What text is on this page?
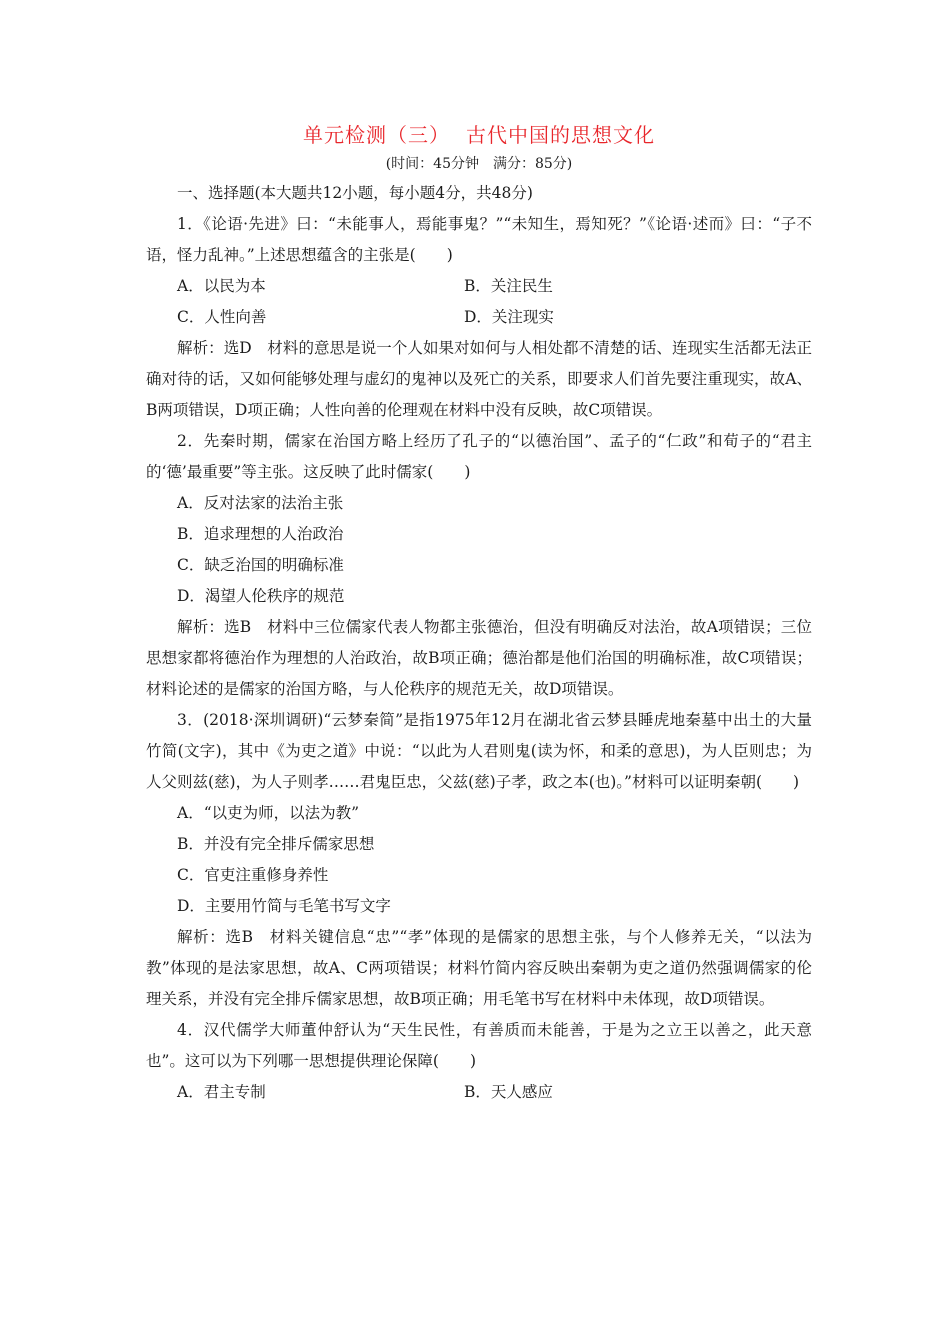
单元检测（三） 古代中国的思想文化
(时间：45分钟　满分：85分)
一、选择题(本大题共12小题，每小题4分，共48分)
1．《论语·先进》曰：“未能事人，焉能事鬼？”“未知生，焉知死？”《论语·述而》曰：“子不语，怪力乱神。”上述思想蕴含的主张是(　　)
A．以民为本	B．关注民生
C．人性向善	D．关注现实
解析：选D　材料的意思是说一个人如果对如何与人相处都不清楚的话、连现实生活都无法正确对待的话，又如何能够处理与虚幻的鬼神以及死亡的关系，即要求人们首先要注重现实，故A、B两项错误，D项正确；人性向善的伦理观在材料中没有反映，故C项错误。
2．先秦时期，儒家在治国方略上经历了孔子的“以德治国”、孟子的“仁政”和荀子的“君主的‘德’最重要”等主张。这反映了此时儒家(　　)
A．反对法家的法治主张
B．追求理想的人治政治
C．缺乏治国的明确标准
D．渴望人伦秩序的规范
解析：选B　材料中三位儒家代表人物都主张德治，但没有明确反对法治，故A项错误；三位思想家都将德治作为理想的人治政治，故B项正确；德治都是他们治国的明确标准，故C项错误；材料论述的是儒家的治国方略，与人伦秩序的规范无关，故D项错误。
3．(2018·深圳调研)“云梦秦简”是指1975年12月在湖北省云梦县睡虎地秦墓中出土的大量竹简(文字)，其中《为吏之道》中说：“以此为人君则鬼(读为怀，和柔的意思)，为人臣则忠；为人父则兹(慈)，为人子则孝……君鬼臣忠，父兹(慈)子孝，政之本(也)。”材料可以证明秦朝(　　)
A．“以吏为师，以法为教”
B．并没有完全排斥儒家思想
C．官吏注重修身养性
D．主要用竹简与毛笔书写文字
解析：选B　材料关键信息“忠”“孝”体现的是儒家的思想主张，与个人修养无关，“以法为教”体现的是法家思想，故A、C两项错误；材料竹简内容反映出秦朝为吏之道仍然强调儒家的伦理关系，并没有完全排斥儒家思想，故B项正确；用毛笔书写在材料中未体现，故D项错误。
4．汉代儒学大师董仲舒认为“天生民性，有善质而未能善，于是为之立王以善之，此天意也”。这可以为下列哪一思想提供理论保障(　　)
A．君主专制	B．天人感应
